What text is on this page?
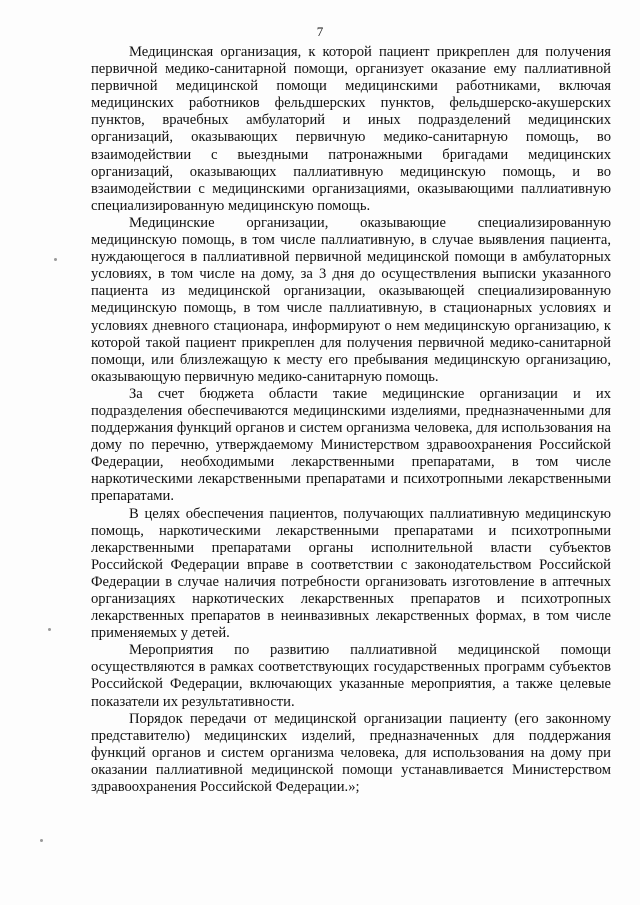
7

Медицинская организация, к которой пациент прикреплен для получения первичной медико-санитарной помощи, организует оказание ему паллиативной первичной медицинской помощи медицинскими работниками, включая медицинских работников фельдшерских пунктов, фельдшерско-акушерских пунктов, врачебных амбулаторий и иных подразделений медицинских организаций, оказывающих первичную медико-санитарную помощь, во взаимодействии с выездными патронажными бригадами медицинских организаций, оказывающих паллиативную медицинскую помощь, и во взаимодействии с медицинскими организациями, оказывающими паллиативную специализированную медицинскую помощь.

Медицинские организации, оказывающие специализированную медицинскую помощь, в том числе паллиативную, в случае выявления пациента, нуждающегося в паллиативной первичной медицинской помощи в амбулаторных условиях, в том числе на дому, за 3 дня до осуществления выписки указанного пациента из медицинской организации, оказывающей специализированную медицинскую помощь, в том числе паллиативную, в стационарных условиях и условиях дневного стационара, информируют о нем медицинскую организацию, к которой такой пациент прикреплен для получения первичной медико-санитарной помощи, или близлежащую к месту его пребывания медицинскую организацию, оказывающую первичную медико-санитарную помощь.

За счет бюджета области такие медицинские организации и их подразделения обеспечиваются медицинскими изделиями, предназначенными для поддержания функций органов и систем организма человека, для использования на дому по перечню, утверждаемому Министерством здравоохранения Российской Федерации, необходимыми лекарственными препаратами, в том числе наркотическими лекарственными препаратами и психотропными лекарственными препаратами.

В целях обеспечения пациентов, получающих паллиативную медицинскую помощь, наркотическими лекарственными препаратами и психотропными лекарственными препаратами органы исполнительной власти субъектов Российской Федерации вправе в соответствии с законодательством Российской Федерации в случае наличия потребности организовать изготовление в аптечных организациях наркотических лекарственных препаратов и психотропных лекарственных препаратов в неинвазивных лекарственных формах, в том числе применяемых у детей.

Мероприятия по развитию паллиативной медицинской помощи осуществляются в рамках соответствующих государственных программ субъектов Российской Федерации, включающих указанные мероприятия, а также целевые показатели их результативности.

Порядок передачи от медицинской организации пациенту (его законному представителю) медицинских изделий, предназначенных для поддержания функций органов и систем организма человека, для использования на дому при оказании паллиативной медицинской помощи устанавливается Министерством здравоохранения Российской Федерации.»;
